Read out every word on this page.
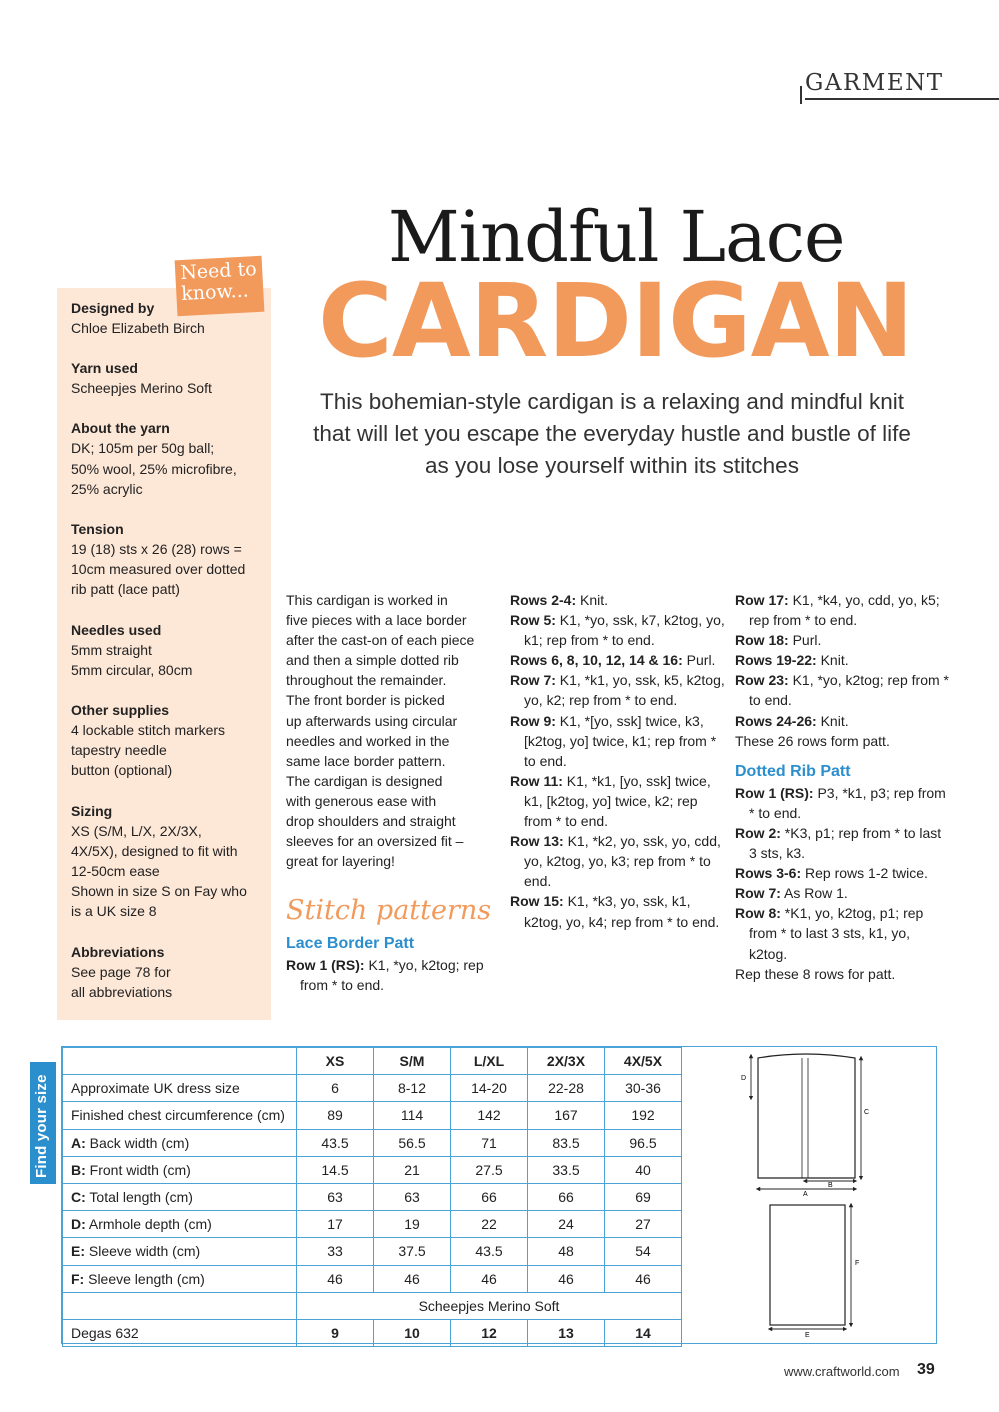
GARMENT
Mindful Lace
CARDIGAN
This bohemian-style cardigan is a relaxing and mindful knit that will let you escape the everyday hustle and bustle of life as you lose yourself within its stitches
Designed by
Chloe Elizabeth Birch
Yarn used
Scheepjes Merino Soft
About the yarn
DK; 105m per 50g ball;
50% wool, 25% microfibre,
25% acrylic
Tension
19 (18) sts x 26 (28) rows =
10cm measured over dotted
rib patt (lace patt)
Needles used
5mm straight
5mm circular, 80cm
Other supplies
4 lockable stitch markers
tapestry needle
button (optional)
Sizing
XS (S/M, L/X, 2X/3X,
4X/5X), designed to fit with
12-50cm ease
Shown in size S on Fay who
is a UK size 8
Abbreviations
See page 78 for
all abbreviations
Need to
know...
This cardigan is worked in
five pieces with a lace border
after the cast-on of each piece
and then a simple dotted rib
throughout the remainder.
The front border is picked
up afterwards using circular
needles and worked in the
same lace border pattern.
The cardigan is designed
with generous ease with
drop shoulders and straight
sleeves for an oversized fit –
great for layering!
Stitch patterns
Lace Border Patt
Row 1 (RS): K1, *yo, k2tog; rep from * to end.
Rows 2-4: Knit.
Row 5: K1, *yo, ssk, k7, k2tog, yo, k1; rep from * to end.
Rows 6, 8, 10, 12, 14 & 16: Purl.
Row 7: K1, *k1, yo, ssk, k5, k2tog, yo, k2; rep from * to end.
Row 9: K1, *[yo, ssk] twice, k3, [k2tog, yo] twice, k1; rep from * to end.
Row 11: K1, *k1, [yo, ssk] twice, k1, [k2tog, yo] twice, k2; rep from * to end.
Row 13: K1, *k2, yo, ssk, yo, cdd, yo, k2tog, yo, k3; rep from * to end.
Row 15: K1, *k3, yo, ssk, k1, k2tog, yo, k4; rep from * to end.
Row 17: K1, *k4, yo, cdd, yo, k5; rep from * to end.
Row 18: Purl.
Rows 19-22: Knit.
Row 23: K1, *yo, k2tog; rep from * to end.
Rows 24-26: Knit.
These 26 rows form patt.
Dotted Rib Patt
Row 1 (RS): P3, *k1, p3; rep from * to end.
Row 2: *K3, p1; rep from * to last 3 sts, k3.
Rows 3-6: Rep rows 1-2 twice.
Row 7: As Row 1.
Row 8: *K1, yo, k2tog, p1; rep from * to last 3 sts, k1, yo, k2tog.
Rep these 8 rows for patt.
Find your size
	XS	S/M	L/XL	2X/3X	4X/5X
Approximate UK dress size	6	8-12	14-20	22-28	30-36
Finished chest circumference (cm)	89	114	142	167	192
A: Back width (cm)	43.5	56.5	71	83.5	96.5
B: Front width (cm)	14.5	21	27.5	33.5	40
C: Total length (cm)	63	63	66	66	69
D: Armhole depth (cm)	17	19	22	24	27
E: Sleeve width (cm)	33	37.5	43.5	48	54
F: Sleeve length (cm)	46	46	46	46	46
	Scheepjes Merino Soft				
Degas 632	9	10	12	13	14
D
C
B
A
F
E
www.craftworld.com 39
